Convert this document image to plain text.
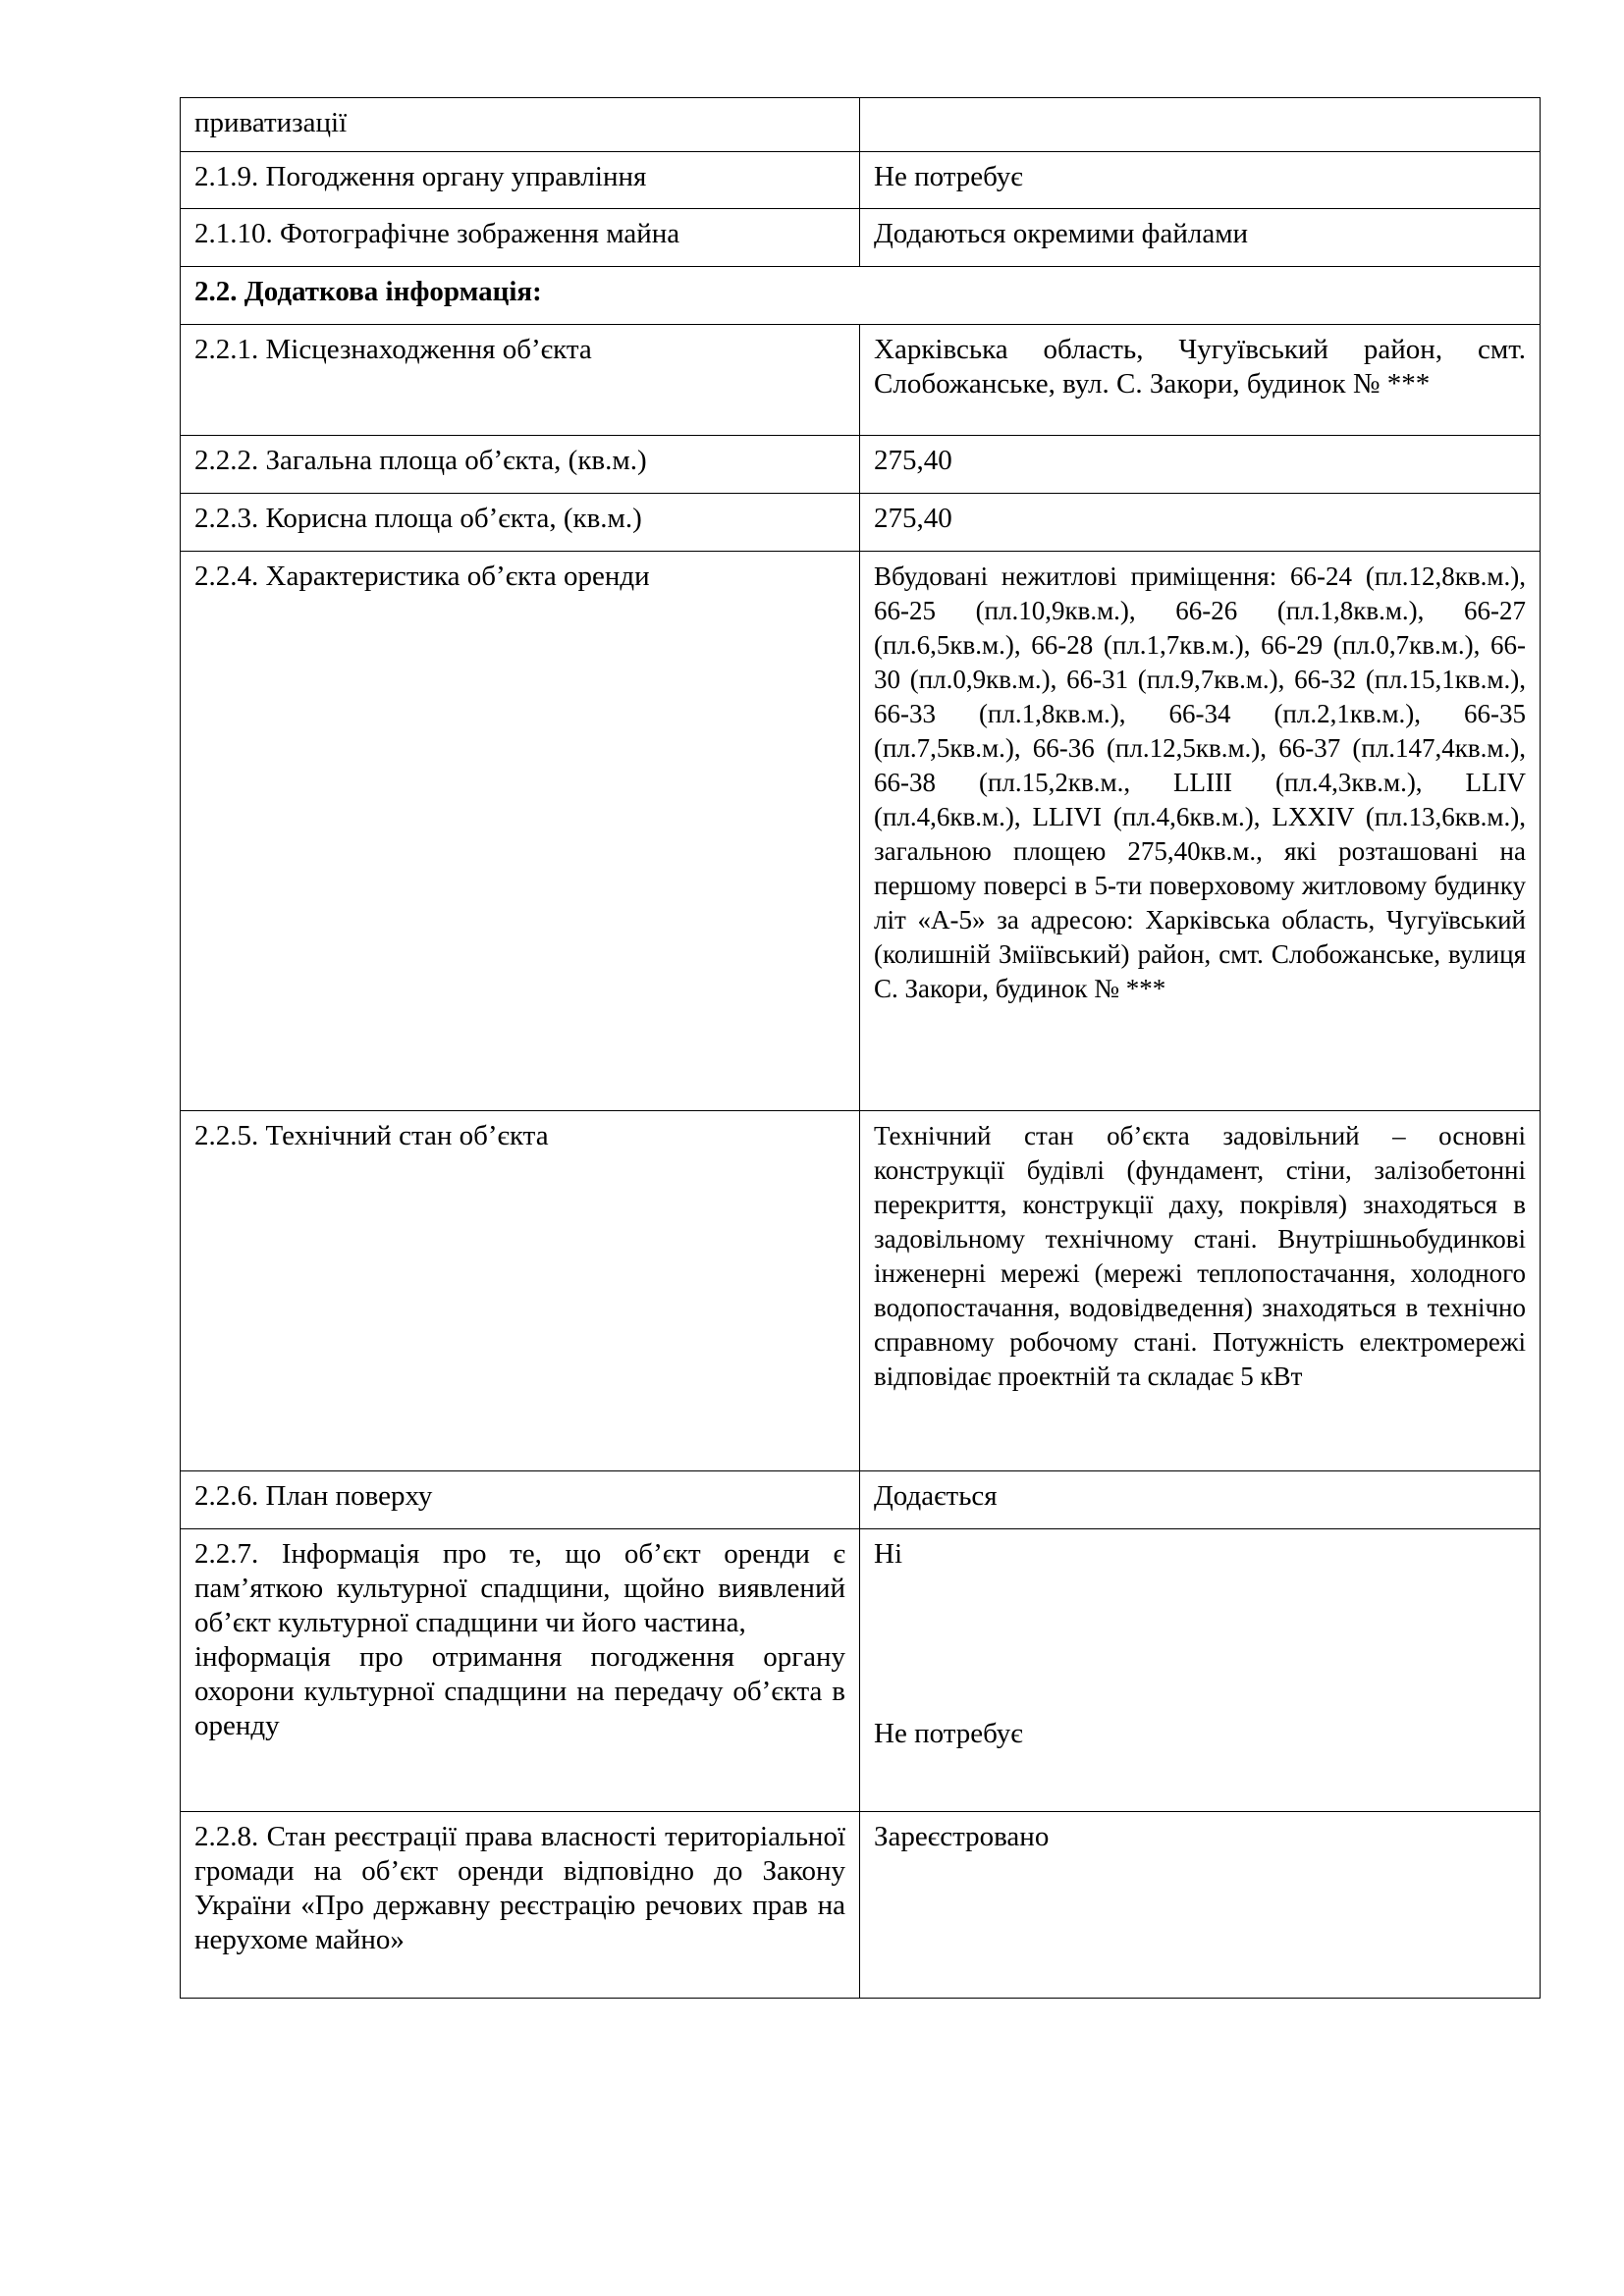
приватизації	
2.1.9. Погодження органу управління	Не потребує
2.1.10. Фотографічне зображення майна	Додаються окремими файлами
2.2. Додаткова інформація:	
2.2.1. Місцезнаходження об’єкта	Харківська область, Чугуївський район, смт. Слобожанське, вул. С. Закори, будинок № ***
2.2.2. Загальна площа об’єкта, (кв.м.)	275,40
2.2.3. Корисна площа об’єкта, (кв.м.)	275,40
2.2.4. Характеристика об’єкта оренди	Вбудовані нежитлові приміщення: 66-24 (пл.12,8кв.м.), 66-25 (пл.10,9кв.м.), 66-26 (пл.1,8кв.м.), 66-27 (пл.6,5кв.м.), 66-28 (пл.1,7кв.м.), 66-29 (пл.0,7кв.м.), 66-30 (пл.0,9кв.м.), 66-31 (пл.9,7кв.м.), 66-32 (пл.15,1кв.м.), 66-33 (пл.1,8кв.м.), 66-34 (пл.2,1кв.м.), 66-35 (пл.7,5кв.м.), 66-36 (пл.12,5кв.м.), 66-37 (пл.147,4кв.м.), 66-38 (пл.15,2кв.м., LLIII (пл.4,3кв.м.), LLIV (пл.4,6кв.м.), LLIVI (пл.4,6кв.м.), LXXIV (пл.13,6кв.м.), загальною площею 275,40кв.м., які розташовані на першому поверсі в 5-ти поверховому житловому будинку літ «А-5» за адресою: Харківська область, Чугуївський (колишній Зміївський) район, смт. Слобожанське, вулиця С. Закори, будинок № ***
2.2.5. Технічний стан об’єкта	Технічний стан об’єкта задовільний – основні конструкції будівлі (фундамент, стіни, залізобетонні перекриття, конструкції даху, покрівля) знаходяться в задовільному технічному стані. Внутрішньобудинкові інженерні мережі (мережі теплопостачання, холодного водопостачання, водовідведення) знаходяться в технічно справному робочому стані. Потужність електромережі відповідає проектній та складає 5 кВт
2.2.6. План поверху	Додається

2.2.7. Інформація про те, що об’єкт оренди є пам’яткою культурної спадщини, щойно виявлений об’єкт культурної спадщини чи його частина,
інформація про отримання погодження органу охорони культурної спадщини на передачу об’єкта в оренду	Ні
Не потребує

2.2.8. Стан реєстрації права власності територіальної громади на об’єкт оренди відповідно до Закону України «Про державну реєстрацію речових прав на нерухоме майно»	Зареєстровано
